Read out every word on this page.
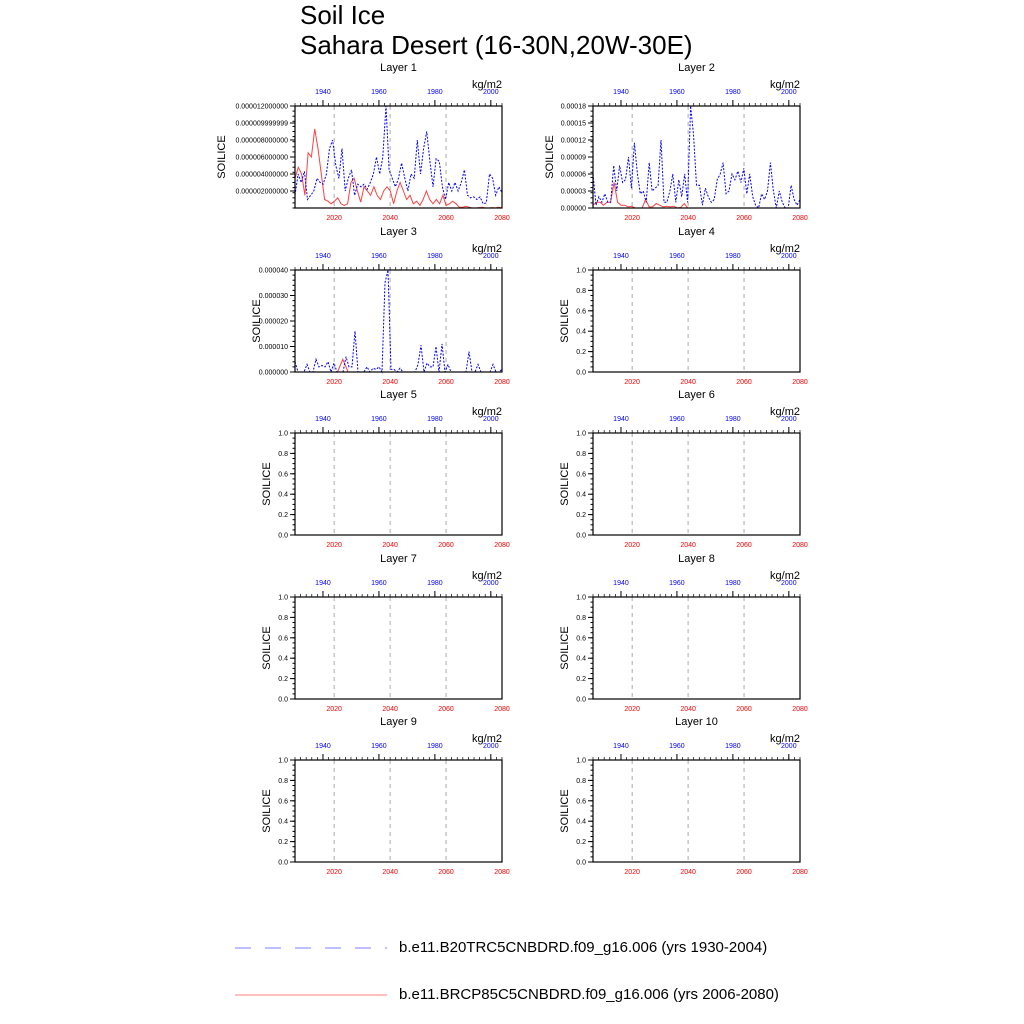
Soil Ice
Sahara Desert (16-30N,20W-30E)
Layer 1
kg/m2
SOILICE
0.000002000000
0.000004000000
0.000006000000
0.000008000000
0.000009999999
0.000012000000
2020	2040	2060	2080
1940	1960	1980	2000
Layer 2
kg/m2
SOILICE
0.00000
0.00003
0.00006
0.00009
0.00012
0.00015
0.00018
2020	2040	2060	2080
1940	1960	1980	2000
Layer 3
kg/m2
SOILICE
0.000000
0.000010
0.000020
0.000030
0.000040
2020	2040	2060	2080
1940	1960	1980	2000
Layer 4
kg/m2
SOILICE
0.0
0.2
0.4
0.6
0.8
1.0
2020	2040	2060	2080
1940	1960	1980	2000
Layer 5
kg/m2
SOILICE
0.0
0.2
0.4
0.6
0.8
1.0
2020	2040	2060	2080
1940	1960	1980	2000
Layer 6
kg/m2
SOILICE
0.0
0.2
0.4
0.6
0.8
1.0
2020	2040	2060	2080
1940	1960	1980	2000
Layer 7
kg/m2
SOILICE
0.0
0.2
0.4
0.6
0.8
1.0
2020	2040	2060	2080
1940	1960	1980	2000
Layer 8
kg/m2
SOILICE
0.0
0.2
0.4
0.6
0.8
1.0
2020	2040	2060	2080
1940	1960	1980	2000
Layer 9
kg/m2
SOILICE
0.0
0.2
0.4
0.6
0.8
1.0
2020	2040	2060	2080
1940	1960	1980	2000
Layer 10
kg/m2
SOILICE
0.0
0.2
0.4
0.6
0.8
1.0
2020	2040	2060	2080
1940	1960	1980	2000
b.e11.B20TRC5CNBDRD.f09_g16.006 (yrs 1930-2004)
b.e11.BRCP85C5CNBDRD.f09_g16.006 (yrs 2006-2080)
